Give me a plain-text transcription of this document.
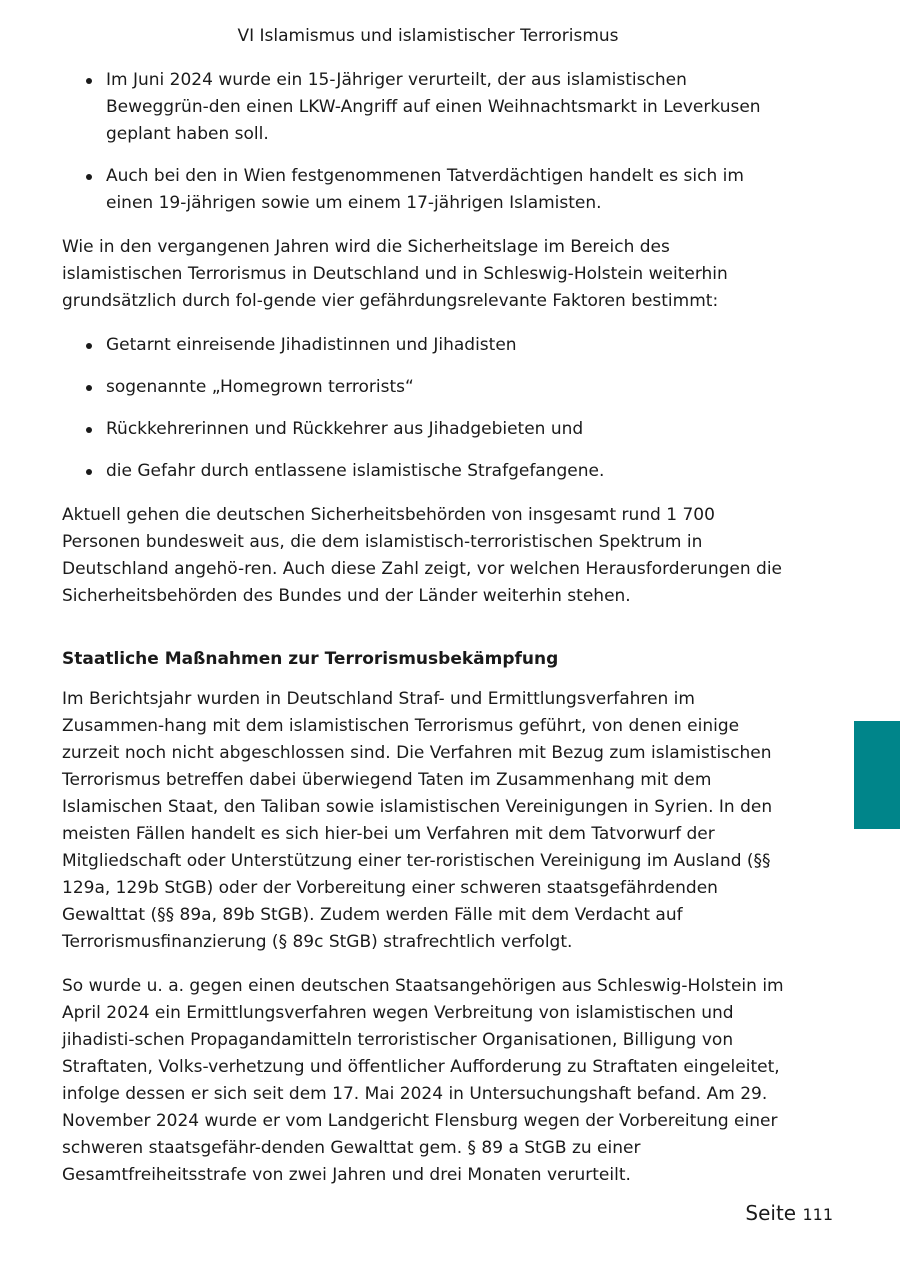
VI Islamismus und islamistischer Terrorismus
Im Juni 2024 wurde ein 15-Jähriger verurteilt, der aus islamistischen Beweggrün-den einen LKW-Angriff auf einen Weihnachtsmarkt in Leverkusen geplant haben soll.
Auch bei den in Wien festgenommenen Tatverdächtigen handelt es sich im einen 19-jährigen sowie um einem 17-jährigen Islamisten.

Wie in den vergangenen Jahren wird die Sicherheitslage im Bereich des islamistischen Terrorismus in Deutschland und in Schleswig-Holstein weiterhin grundsätzlich durch fol-gende vier gefährdungsrelevante Faktoren bestimmt:

Getarnt einreisende Jihadistinnen und Jihadisten
sogenannte „Homegrown terrorists“
Rückkehrerinnen und Rückkehrer aus Jihadgebieten und
die Gefahr durch entlassene islamistische Strafgefangene.

Aktuell gehen die deutschen Sicherheitsbehörden von insgesamt rund 1 700 Personen bundesweit aus, die dem islamistisch-terroristischen Spektrum in Deutschland angehö-ren. Auch diese Zahl zeigt, vor welchen Herausforderungen die Sicherheitsbehörden des Bundes und der Länder weiterhin stehen.

Staatliche Maßnahmen zur Terrorismusbekämpfung

Im Berichtsjahr wurden in Deutschland Straf- und Ermittlungsverfahren im Zusammen-hang mit dem islamistischen Terrorismus geführt, von denen einige zurzeit noch nicht abgeschlossen sind. Die Verfahren mit Bezug zum islamistischen Terrorismus betreffen dabei überwiegend Taten im Zusammenhang mit dem Islamischen Staat, den Taliban sowie islamistischen Vereinigungen in Syrien. In den meisten Fällen handelt es sich hier-bei um Verfahren mit dem Tatvorwurf der Mitgliedschaft oder Unterstützung einer ter-roristischen Vereinigung im Ausland (§§ 129a, 129b StGB) oder der Vorbereitung einer schweren staatsgefährdenden Gewalttat (§§ 89a, 89b StGB). Zudem werden Fälle mit dem Verdacht auf Terrorismusfinanzierung (§ 89c StGB) strafrechtlich verfolgt.

So wurde u. a. gegen einen deutschen Staatsangehörigen aus Schleswig-Holstein im April 2024 ein Ermittlungsverfahren wegen Verbreitung von islamistischen und jihadisti-schen Propagandamitteln terroristischer Organisationen, Billigung von Straftaten, Volks-verhetzung und öffentlicher Aufforderung zu Straftaten eingeleitet, infolge dessen er sich seit dem 17. Mai 2024 in Untersuchungshaft befand. Am 29. November 2024 wurde er vom Landgericht Flensburg wegen der Vorbereitung einer schweren staatsgefähr-denden Gewalttat gem. § 89 a StGB zu einer Gesamtfreiheitsstrafe von zwei Jahren und drei Monaten verurteilt.

Seite 111
